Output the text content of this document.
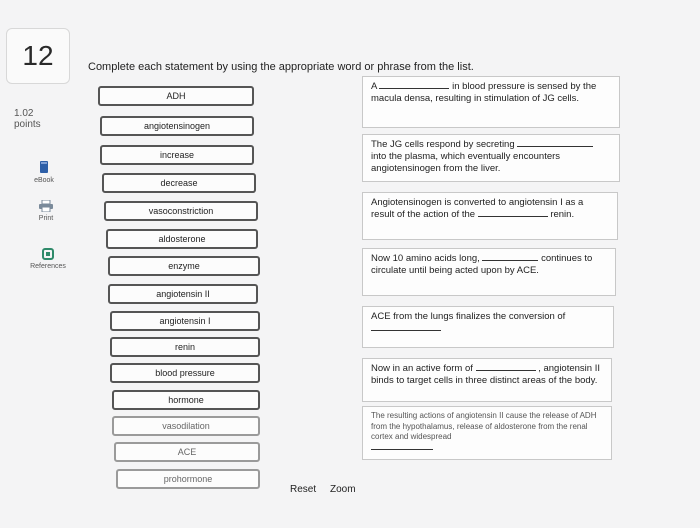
12
1.02
points
eBook
Print
References
Complete each statement by using the appropriate word or phrase from the list.
ADH
angiotensinogen
increase
decrease
vasoconstriction
aldosterone
enzyme
angiotensin II
angiotensin I
renin
blood pressure
hormone
vasodilation
ACE
prohormone
A	in blood pressure is sensed by the macula densa, resulting in stimulation of JG cells.
The JG cells respond by secreting  into the plasma, which eventually encounters angiotensinogen from the liver.
Angiotensinogen is converted to angiotensin I as a result of the action of the	renin.
Now 10 amino acids long,	continues to circulate until being acted upon by ACE.
ACE from the lungs finalizes the conversion of
Now in an active form of	, angiotensin II binds to target cells in three distinct areas of the body.
The resulting actions of angiotensin II cause the release of ADH from the hypothalamus, release of aldosterone from the renal cortex and widespread

Reset Zoom
